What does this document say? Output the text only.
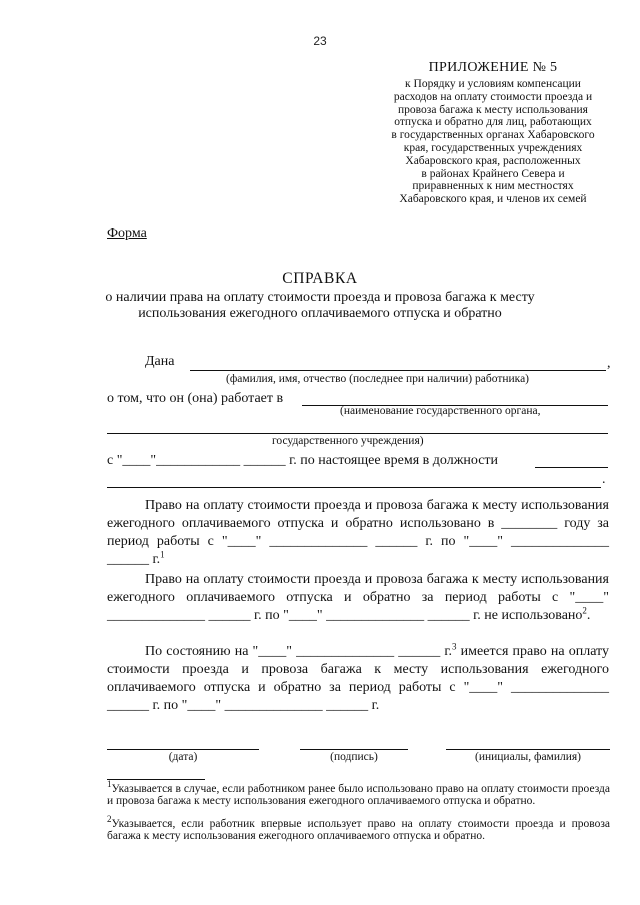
23
ПРИЛОЖЕНИЕ № 5
к Порядку и условиям компенсации
расходов на оплату стоимости проезда и
провоза багажа к месту использования
отпуска и обратно для лиц, работающих
в государственных органах Хабаровского
края, государственных учреждениях
Хабаровского края, расположенных
в районах Крайнего Севера и
приравненных к ним местностях
Хабаровского края, и членов их семей
Форма
СПРАВКА
о наличии права на оплату стоимости проезда и провоза багажа к месту использования ежегодного оплачиваемого отпуска и обратно
Дана	,
(фамилия, имя, отчество (последнее при наличии) работника)
о том, что он (она) работает в
(наименование государственного органа,
государственного учреждения)
с "____"____________ ______ г. по настоящее время в должности
.

Право на оплату стоимости проезда и провоза багажа к месту использования ежегодного оплачиваемого отпуска и обратно использовано в ________ году за период работы с "____" ______________ ______ г. по "____" ______________ ______ г.$^1$

Право на оплату стоимости проезда и провоза багажа к месту использования ежегодного оплачиваемого отпуска и обратно за период работы с "____" ______________ ______ г. по "____" ______________ ______ г. не использовано$^2$.

По состоянию на "____" ______________ ______ г.$^3$ имеется право на оплату стоимости проезда и провоза багажа к месту использования ежегодного оплачиваемого отпуска и обратно за период работы с "____" ______________ ______ г. по "____" ______________ ______ г.

(дата)	(подпись)	(инициалы, фамилия)
$^1$Указывается в случае, если работником ранее было использовано право на оплату стоимости проезда и провоза багажа к месту использования ежегодного оплачиваемого отпуска и обратно.
$^2$Указывается, если работник впервые использует право на оплату стоимости проезда и провоза багажа к месту использования ежегодного оплачиваемого отпуска и обратно.
